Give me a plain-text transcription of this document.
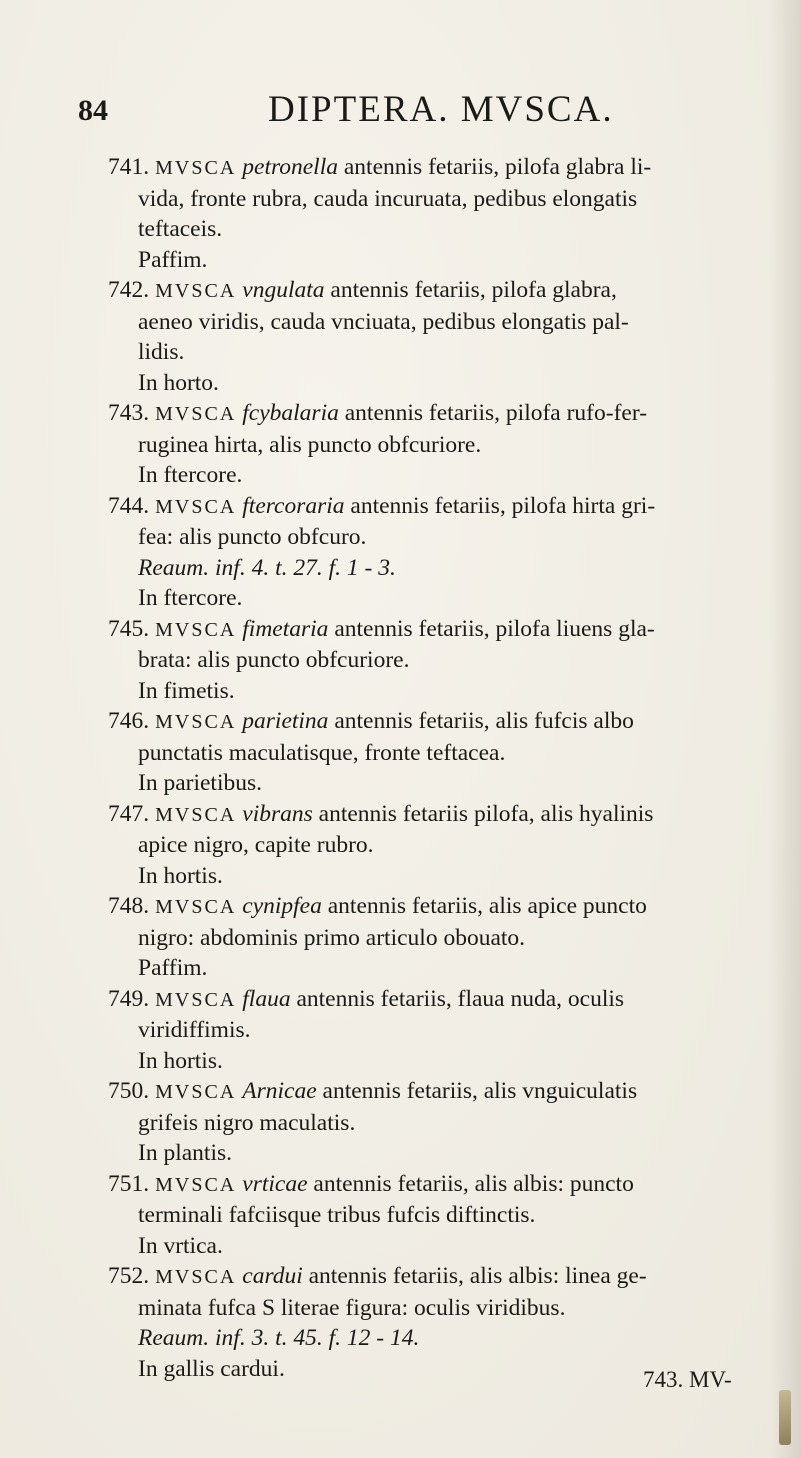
84	DIPTERA. MVSCA.

741. MVSCA petronella antennis fetariis, pilofa glabra li-

vida, fronte rubra, cauda incuruata, pedibus elongatis

teftaceis.

Paffim.

742. MVSCA vngulata antennis fetariis, pilofa glabra,

aeneo viridis, cauda vnciuata, pedibus elongatis pal-

lidis.

In horto.

743. MVSCA fcybalaria antennis fetariis, pilofa rufo-fer-

ruginea hirta, alis puncto obfcuriore.

In ftercore.

744. MVSCA ftercoraria antennis fetariis, pilofa hirta gri-

fea: alis puncto obfcuro.

Reaum. inf. 4. t. 27. f. 1 - 3.

In ftercore.

745. MVSCA fimetaria antennis fetariis, pilofa liuens gla-

brata: alis puncto obfcuriore.

In fimetis.

746. MVSCA parietina antennis fetariis, alis fufcis albo

punctatis maculatisque, fronte teftacea.

In parietibus.

747. MVSCA vibrans antennis fetariis pilofa, alis hyalinis

apice nigro, capite rubro.

In hortis.

748. MVSCA cynipfea antennis fetariis, alis apice puncto

nigro: abdominis primo articulo obouato.

Paffim.

749. MVSCA flaua antennis fetariis, flaua nuda, oculis

viridiffimis.

In hortis.

750. MVSCA Arnicae antennis fetariis, alis vnguiculatis

grifeis nigro maculatis.

In plantis.

751. MVSCA vrticae antennis fetariis, alis albis: puncto

terminali fafciisque tribus fufcis diftinctis.

In vrtica.

752. MVSCA cardui antennis fetariis, alis albis: linea ge-

minata fufca S literae figura: oculis viridibus.

Reaum. inf. 3. t. 45. f. 12 - 14.

In gallis cardui.	743. MV-
